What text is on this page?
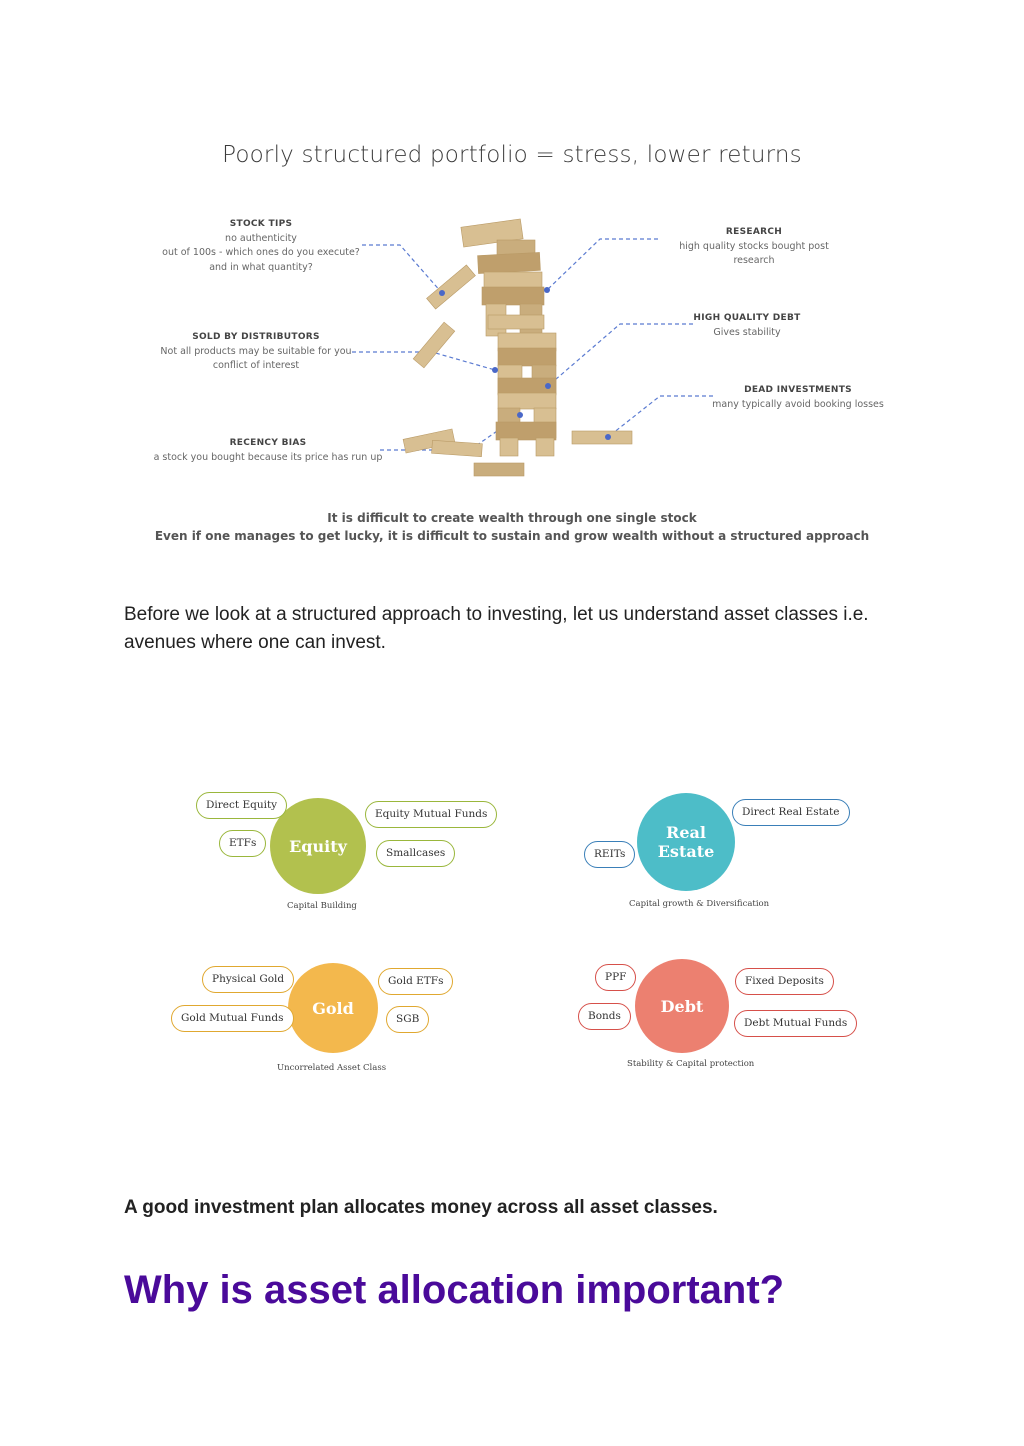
Poorly structured portfolio = stress, lower returns
STOCK TIPS
no authenticity
out of 100s - which ones do you execute?
and in what quantity?
SOLD BY DISTRIBUTORS
Not all products may be suitable for you
conflict of interest
RECENCY BIAS
a stock you bought because its price has run up
RESEARCH
high quality stocks bought post research
HIGH QUALITY DEBT
Gives stability
DEAD INVESTMENTS
many typically avoid booking losses
It is difficult to create wealth through one single stock
Even if one manages to get lucky, it is difficult to sustain and grow wealth without a structured approach

Before we look at a structured approach to investing, let us understand asset classes i.e. avenues where one can invest.

Equity
Direct Equity
ETFs
Equity Mutual Funds
Smallcases
Capital Building
Real Estate
Direct Real Estate
REITs
Capital growth & Diversification
Gold
Physical Gold
Gold Mutual Funds
Gold ETFs
SGB
Uncorrelated Asset Class
Debt
PPF
Bonds
Fixed Deposits
Debt Mutual Funds
Stability & Capital protection
A good investment plan allocates money across all asset classes.
Why is asset allocation important?
